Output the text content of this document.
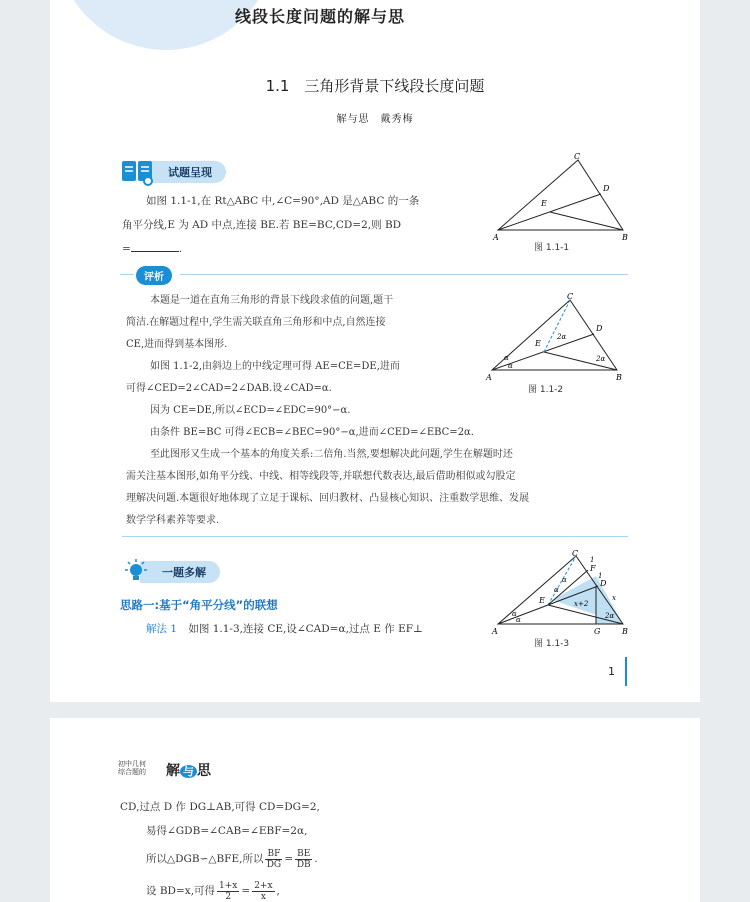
线段长度问题的解与思
1.1　三角形背景下线段长度问题
解与思　戴秀梅
试题呈现
如图 1.1-1,在 Rt△ABC 中,∠C=90°,AD 是△ABC 的一条
角平分线,E 为 AD 中点,连接 BE.若 BE=BC,CD=2,则 BD
=	.
A	B
C
D
E
图 1.1-1
评析
本题是一道在直角三角形的背景下线段求值的问题,题干
简洁.在解题过程中,学生需关联直角三角形和中点,自然连接
CE,进而得到基本图形.
如图 1.1-2,由斜边上的中线定理可得 AE=CE=DE,进而
可得∠CED=2∠CAD=2∠DAB.设∠CAD=α.
因为 CE=DE,所以∠ECD=∠EDC=90°−α.
由条件 BE=BC 可得∠ECB=∠BEC=90°−α,进而∠CED=∠EBC=2α.
至此图形又生成一个基本的角度关系:二倍角.当然,要想解决此问题,学生在解题时还
需关注基本图形,如角平分线、中线、相等线段等,并联想代数表达,最后借助相似或勾股定
理解决问题.本题很好地体现了立足于课标、回归教材、凸显核心知识、注重数学思维、发展
数学学科素养等要求.
A	B
C
D
E
α
α
2α
2α
图 1.1-2
一题多解
思路一:基于“角平分线”的联想
解法 1 如图 1.1-3,连接 CE,设∠CAD=α,过点 E 作 EF⊥	A	B
C
D
E
F
G
1
1
x
x+2
α
α
α
α
2α
图 1.1-3
1
初中几何
综合题的 解 与 思
CD,过点 D 作 DG⊥AB,可得 CD=DG=2,
易得∠GDB=∠CAB=∠EBF=2α,
所以△DGB∽△BFE,所以 $\frac{BF}{DG} = \frac{BE}{DB}$ .
设 BD=x,可得 $\frac{1+x}{2} = \frac{2+x}{x}$ ,
